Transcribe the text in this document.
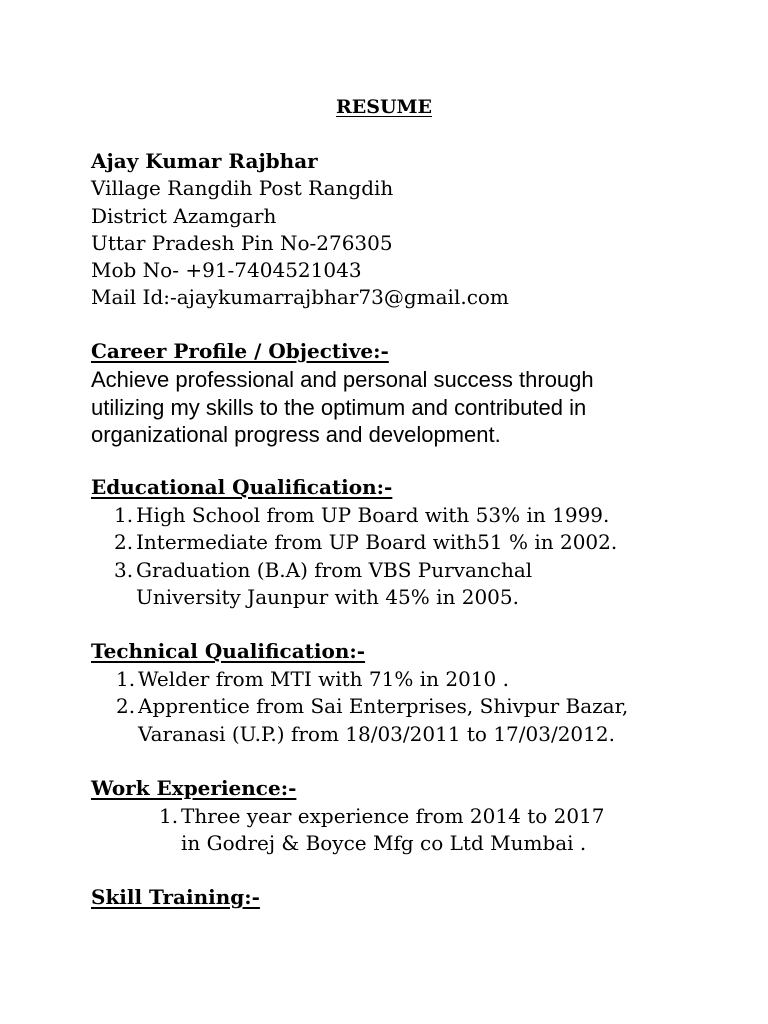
RESUME
Ajay Kumar Rajbhar
Village Rangdih Post Rangdih
District Azamgarh
Uttar Pradesh Pin No-276305
Mob No- +91-7404521043
Mail Id:-ajaykumarrajbhar73@gmail.com
Career Profile / Objective:-
Achieve professional and personal success through utilizing my skills to the optimum and contributed in organizational progress and development.
Educational Qualification:-
1. High School from UP Board with 53% in 1999.
2. Intermediate from UP Board with51 % in 2002.
3. Graduation (B.A) from VBS Purvanchal University Jaunpur with 45% in 2005.
Technical Qualification:-
1. Welder from MTI with 71% in 2010 .
2. Apprentice from Sai Enterprises, Shivpur Bazar, Varanasi (U.P.) from 18/03/2011 to 17/03/2012.
Work Experience:-
1. Three year experience from 2014 to 2017 in Godrej & Boyce Mfg co Ltd Mumbai .
Skill Training:-
